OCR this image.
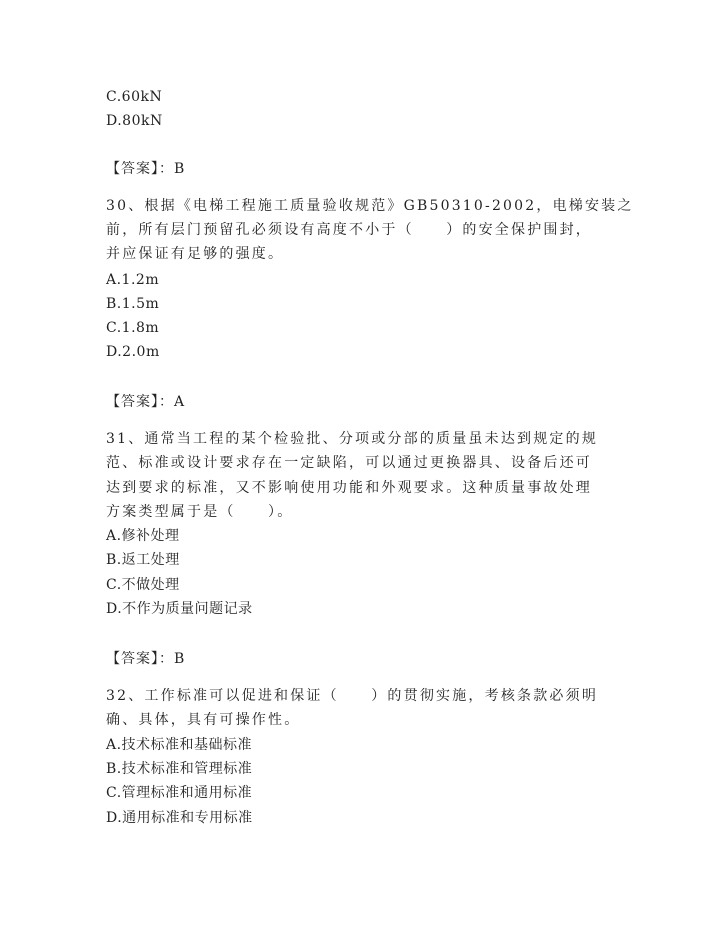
C.60kN
D.80kN
【答案】：B
30、根据《电梯工程施工质量验收规范》GB50310-2002，电梯安装之
前，所有层门预留孔必须设有高度不小于（　　）的安全保护围封，
并应保证有足够的强度。
A.1.2m
B.1.5m
C.1.8m
D.2.0m
【答案】：A
31、通常当工程的某个检验批、分项或分部的质量虽未达到规定的规
范、标准或设计要求存在一定缺陷，可以通过更换器具、设备后还可
达到要求的标准，又不影响使用功能和外观要求。这种质量事故处理
方案类型属于是（　　）。
A.修补处理
B.返工处理
C.不做处理
D.不作为质量问题记录
【答案】：B
32、工作标准可以促进和保证（　　）的贯彻实施，考核条款必须明
确、具体，具有可操作性。
A.技术标准和基础标准
B.技术标准和管理标准
C.管理标准和通用标准
D.通用标准和专用标准
